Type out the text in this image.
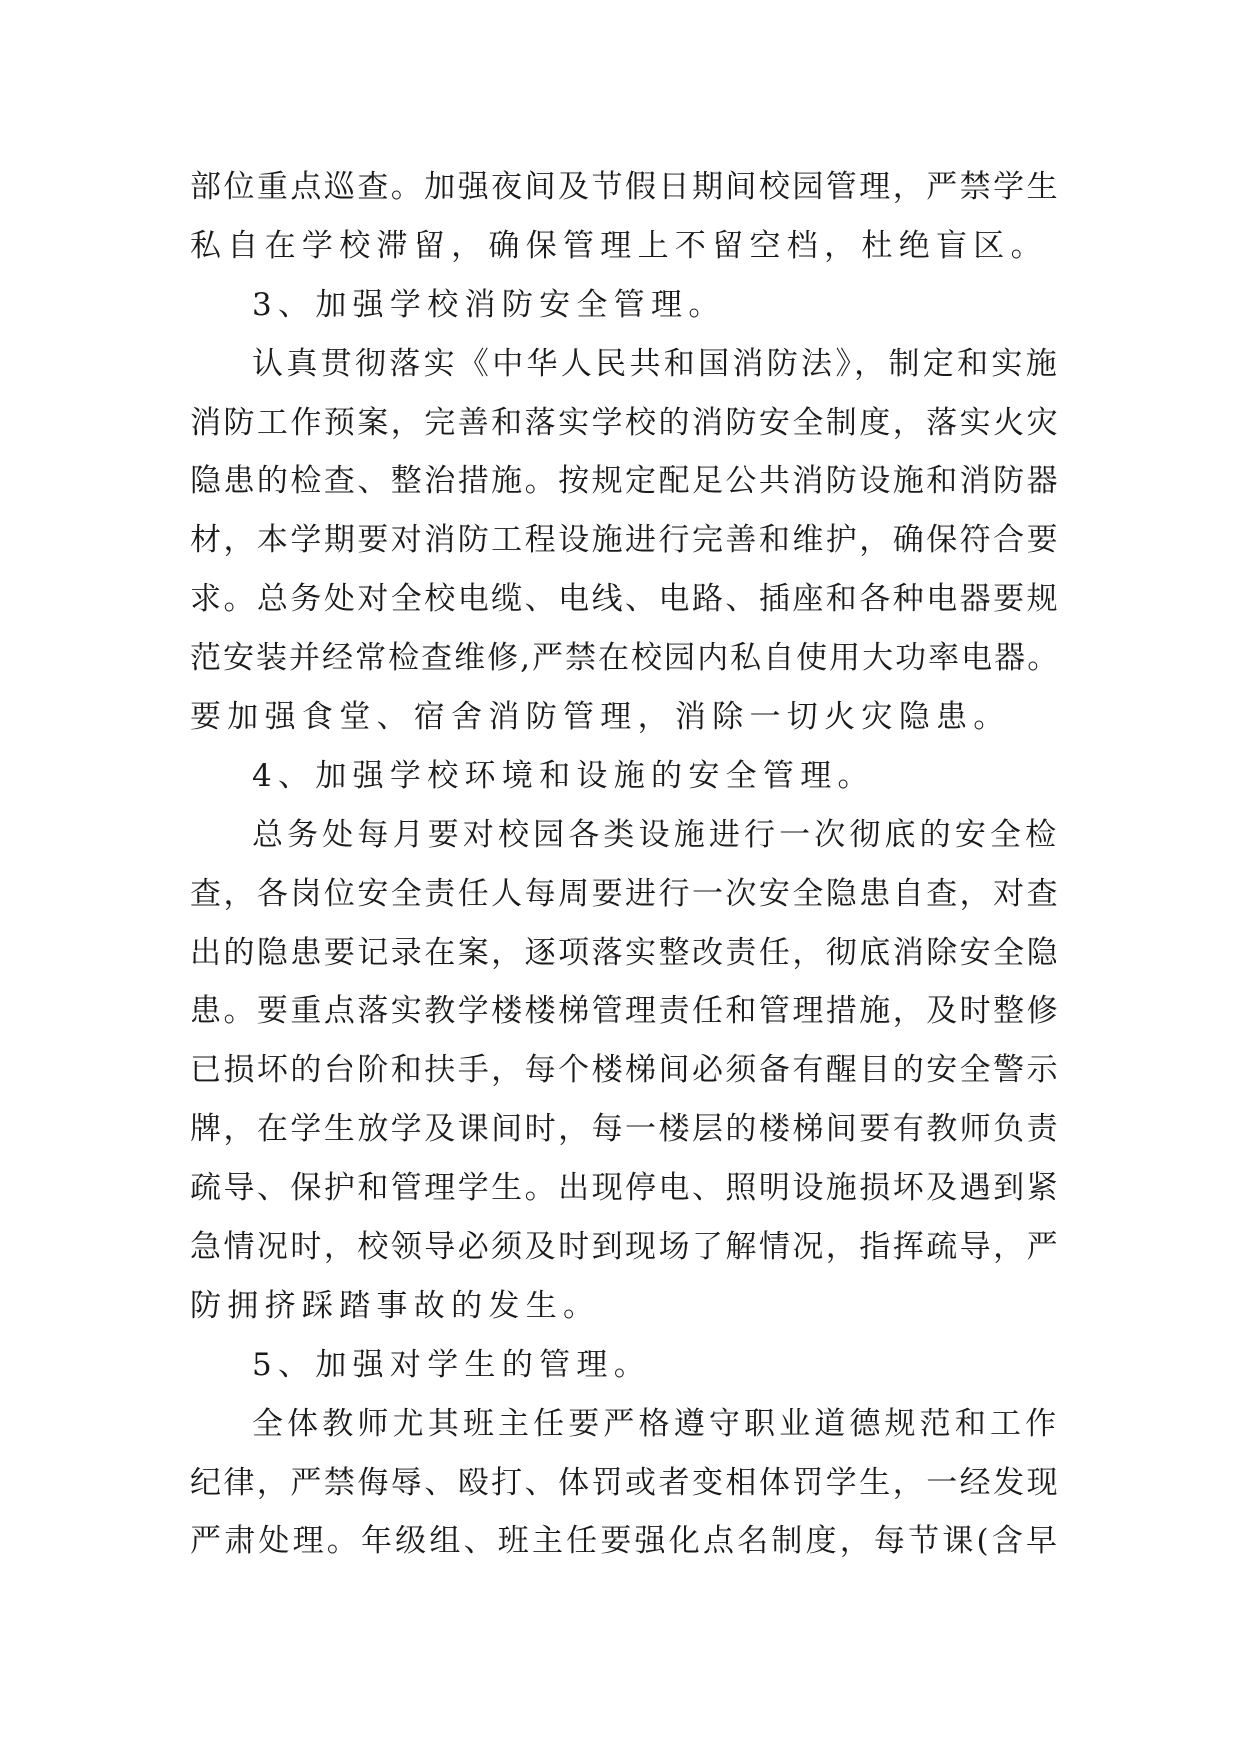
部位重点巡查。加强夜间及节假日期间校园管理，严禁学生
私自在学校滞留，确保管理上不留空档，杜绝盲区。
3、加强学校消防安全管理。
认真贯彻落实《中华人民共和国消防法》，制定和实施
消防工作预案，完善和落实学校的消防安全制度，落实火灾
隐患的检查、整治措施。按规定配足公共消防设施和消防器
材，本学期要对消防工程设施进行完善和维护，确保符合要
求。总务处对全校电缆、电线、电路、插座和各种电器要规
范安装并经常检查维修,严禁在校园内私自使用大功率电器。
要加强食堂、宿舍消防管理，消除一切火灾隐患。
4、加强学校环境和设施的安全管理。
总务处每月要对校园各类设施进行一次彻底的安全检
查，各岗位安全责任人每周要进行一次安全隐患自查，对查
出的隐患要记录在案，逐项落实整改责任，彻底消除安全隐
患。要重点落实教学楼楼梯管理责任和管理措施，及时整修
已损坏的台阶和扶手，每个楼梯间必须备有醒目的安全警示
牌，在学生放学及课间时，每一楼层的楼梯间要有教师负责
疏导、保护和管理学生。出现停电、照明设施损坏及遇到紧
急情况时，校领导必须及时到现场了解情况，指挥疏导，严
防拥挤踩踏事故的发生。
5、加强对学生的管理。
全体教师尤其班主任要严格遵守职业道德规范和工作
纪律，严禁侮辱、殴打、体罚或者变相体罚学生，一经发现
严肃处理。年级组、班主任要强化点名制度，每节课(含早
